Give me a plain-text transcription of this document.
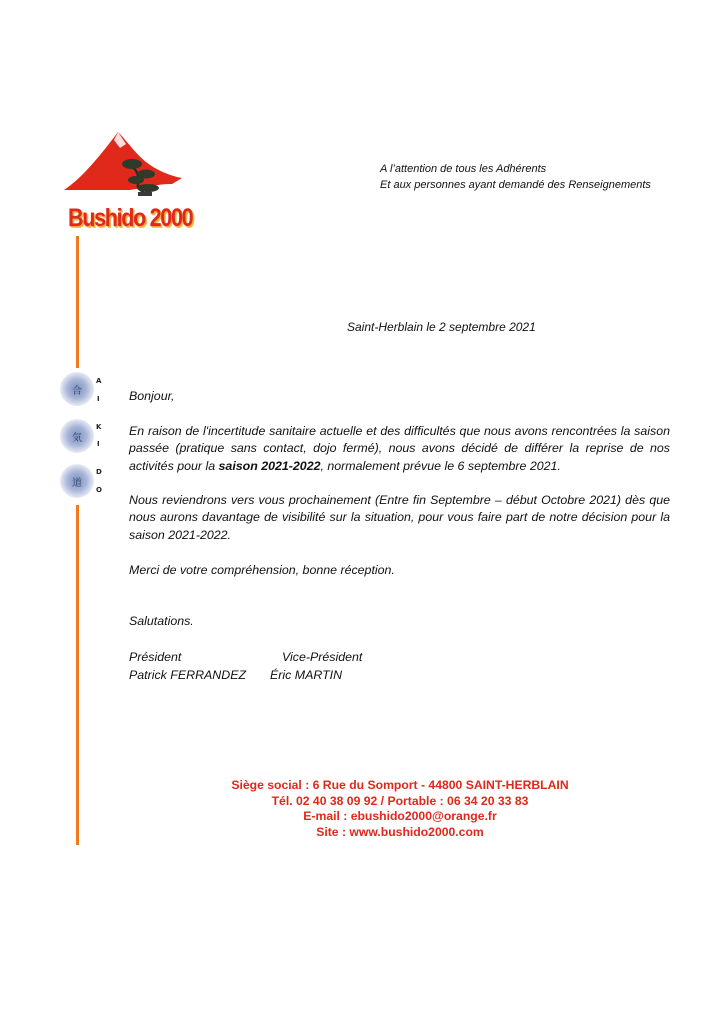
Bushido 2000
合
A
I
気
K
I
道
D
O
A l’attention de tous les Adhérents
Et aux personnes ayant demandé des Renseignements
Saint-Herblain le 2 septembre 2021
Bonjour,
En raison de l'incertitude sanitaire actuelle et des difficultés que nous avons rencontrées la saison passée (pratique sans contact, dojo fermé), nous avons décidé de différer la reprise de nos activités pour la saison 2021-2022, normalement prévue le 6 septembre 2021.
Nous reviendrons vers vous prochainement (Entre fin Septembre – début Octobre 2021) dès que nous aurons davantage de visibilité sur la situation, pour vous faire part de notre décision pour la saison 2021-2022.
Merci de votre compréhension, bonne réception.
Salutations.
Président
Patrick FERRANDEZ
Vice-Président
Éric MARTIN
Siège social : 6 Rue du Somport - 44800 SAINT-HERBLAIN
Tél. 02 40 38 09 92 / Portable : 06 34 20 33 83
E-mail : ebushido2000@orange.fr
Site : www.bushido2000.com
